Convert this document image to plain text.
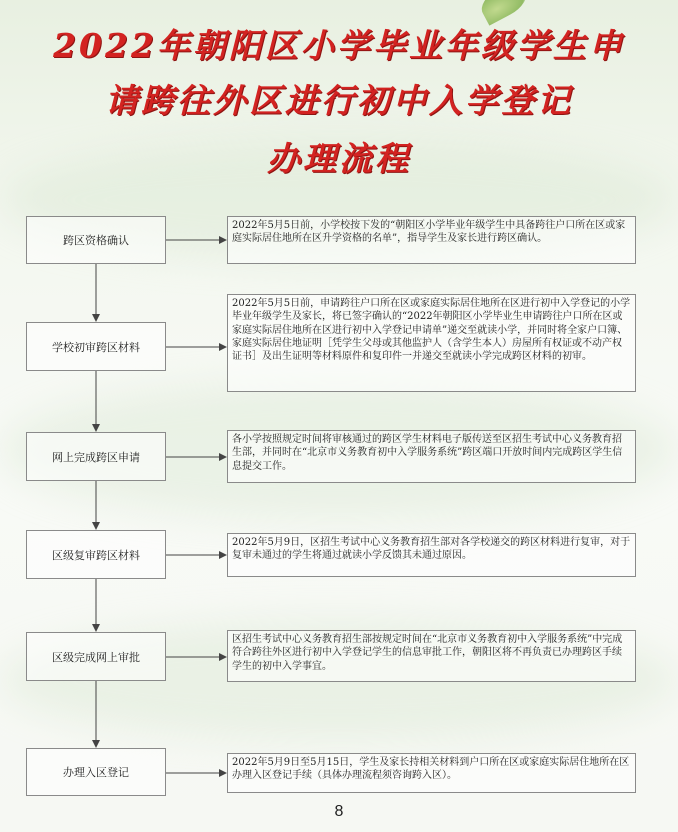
2022年朝阳区小学毕业年级学生申
请跨往外区进行初中入学登记
办理流程
跨区资格确认
2022年5月5日前，小学校按下发的“朝阳区小学毕业年级学生中具备跨往户口所在区或家庭实际居住地所在区升学资格的名单”，指导学生及家长进行跨区确认。
学校初审跨区材料
2022年5月5日前，申请跨往户口所在区或家庭实际居住地所在区进行初中入学登记的小学毕业年级学生及家长，将已签字确认的“2022年朝阳区小学毕业生申请跨往户口所在区或家庭实际居住地所在区进行初中入学登记申请单”递交至就读小学，并同时将全家户口簿、家庭实际居住地证明［凭学生父母或其他监护人（含学生本人）房屋所有权证或不动产权证书］及出生证明等材料原件和复印件一并递交至就读小学完成跨区材料的初审。
网上完成跨区申请
各小学按照规定时间将审核通过的跨区学生材料电子版传送至区招生考试中心义务教育招生部，并同时在“北京市义务教育初中入学服务系统”跨区端口开放时间内完成跨区学生信息提交工作。
区级复审跨区材料
2022年5月9日，区招生考试中心义务教育招生部对各学校递交的跨区材料进行复审，对于复审未通过的学生将通过就读小学反馈其未通过原因。
区级完成网上审批
区招生考试中心义务教育招生部按规定时间在“北京市义务教育初中入学服务系统”中完成符合跨往外区进行初中入学登记学生的信息审批工作，朝阳区将不再负责已办理跨区手续学生的初中入学事宜。
办理入区登记
2022年5月9日至5月15日，学生及家长持相关材料到户口所在区或家庭实际居住地所在区办理入区登记手续（具体办理流程须咨询跨入区）。
8
